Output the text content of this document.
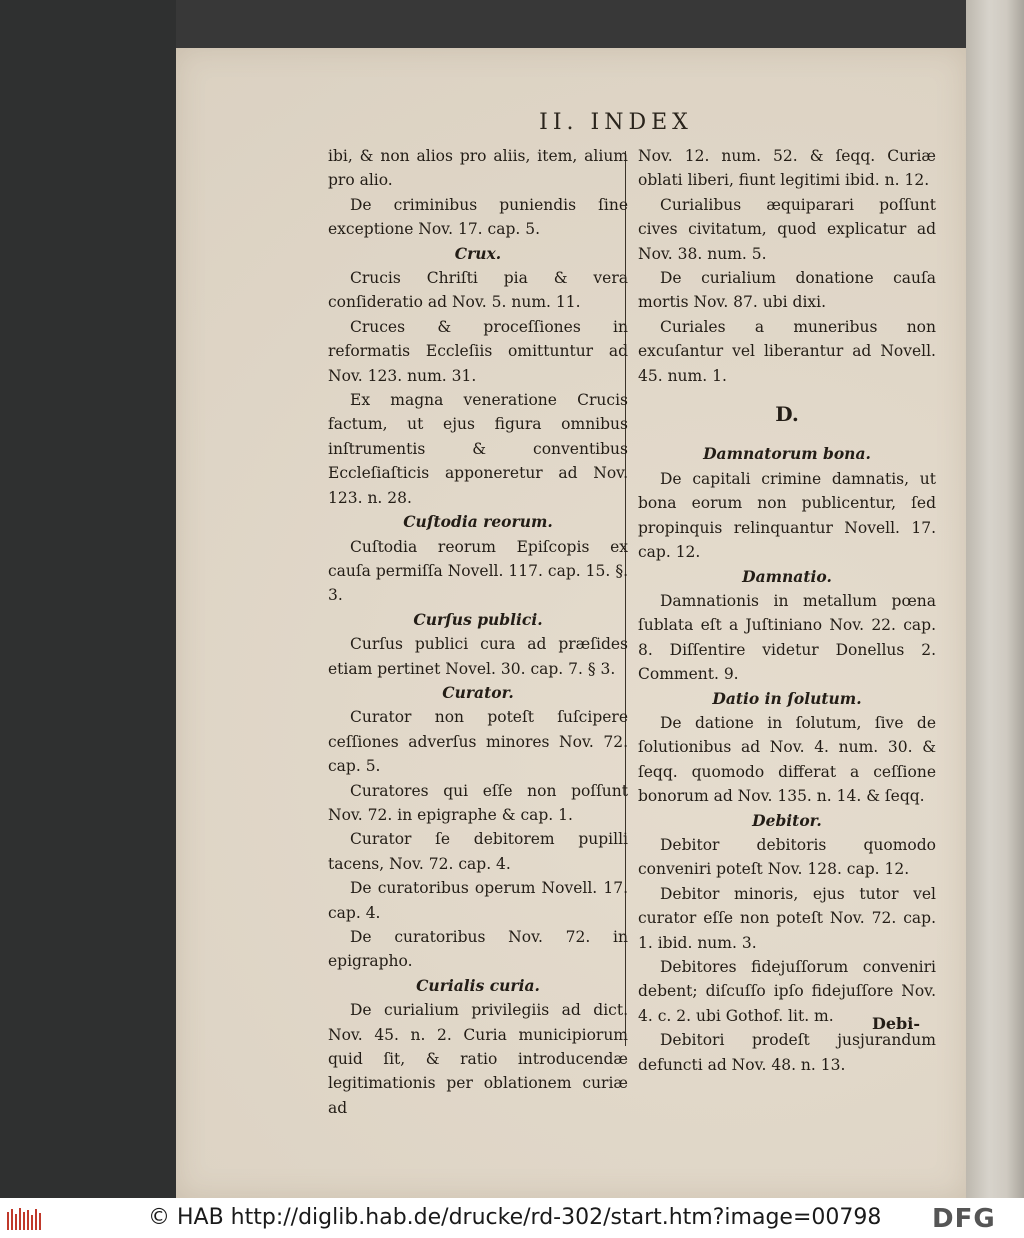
II. INDEX

ibi, & non alios pro aliis, item, alium pro alio.

De criminibus puniendis ſine exceptione Nov. 17. cap. 5.

Crux.

Crucis Chriſti pia & vera conſideratio ad Nov. 5. num. 11.

Cruces & proceſſiones in reformatis Eccleſiis omittuntur ad Nov. 123. num. 31.

Ex magna veneratione Crucis factum, ut ejus figura omnibus inſtrumentis & conventibus Eccleſiaſticis apponeretur ad Nov. 123. n. 28.

Cuſtodia reorum.

Cuſtodia reorum Epiſcopis ex cauſa permiſſa Novell. 117. cap. 15. §. 3.

Curſus publici.

Curſus publici cura ad præſides etiam pertinet Novel. 30. cap. 7. § 3.

Curator.

Curator non poteſt ſuſcipere ceſſiones adverſus minores Nov. 72. cap. 5.

Curatores qui eſſe non poſſunt Nov. 72. in epigraphe & cap. 1.

Curator ſe debitorem pupilli tacens, Nov. 72. cap. 4.

De curatoribus operum Novell. 17. cap. 4.

De curatoribus Nov. 72. in epigrapho.

Curialis curia.

De curialium privilegiis ad dict. Nov. 45. n. 2. Curia municipiorum quid ſit, & ratio introducendæ legitimationis per oblationem curiæ ad

Nov. 12. num. 52. & ſeqq. Curiæ oblati liberi, fiunt legitimi ibid. n. 12.

Curialibus æquiparari poſſunt cives civitatum, quod explicatur ad Nov. 38. num. 5.

De curialium donatione cauſa mortis Nov. 87. ubi dixi.

Curiales a muneribus non excuſantur vel liberantur ad Novell. 45. num. 1.

D.

Damnatorum bona.

De capitali crimine damnatis, ut bona eorum non publicentur, ſed propinquis relinquantur Novell. 17. cap. 12.

Damnatio.

Damnationis in metallum pœna ſublata eſt a Juſtiniano Nov. 22. cap. 8. Diſſentire videtur Donellus 2. Comment. 9.

Datio in ſolutum.

De datione in ſolutum, ſive de ſolutionibus ad Nov. 4. num. 30. & ſeqq. quomodo differat a ceſſione bonorum ad Nov. 135. n. 14. & ſeqq.

Debitor.

Debitor debitoris quomodo conveniri poteſt Nov. 128. cap. 12.

Debitor minoris, ejus tutor vel curator eſſe non poteſt Nov. 72. cap. 1. ibid. num. 3.

Debitores fidejuſſorum conveniri debent; diſcuſſo ipſo fidejuſſore Nov. 4. c. 2. ubi Gothof. lit. m.

Debitori prodeſt jusjurandum defuncti ad Nov. 48. n. 13.

Debi-
© HAB http://diglib.hab.de/drucke/rd-302/start.htm?image=00798 DFG
